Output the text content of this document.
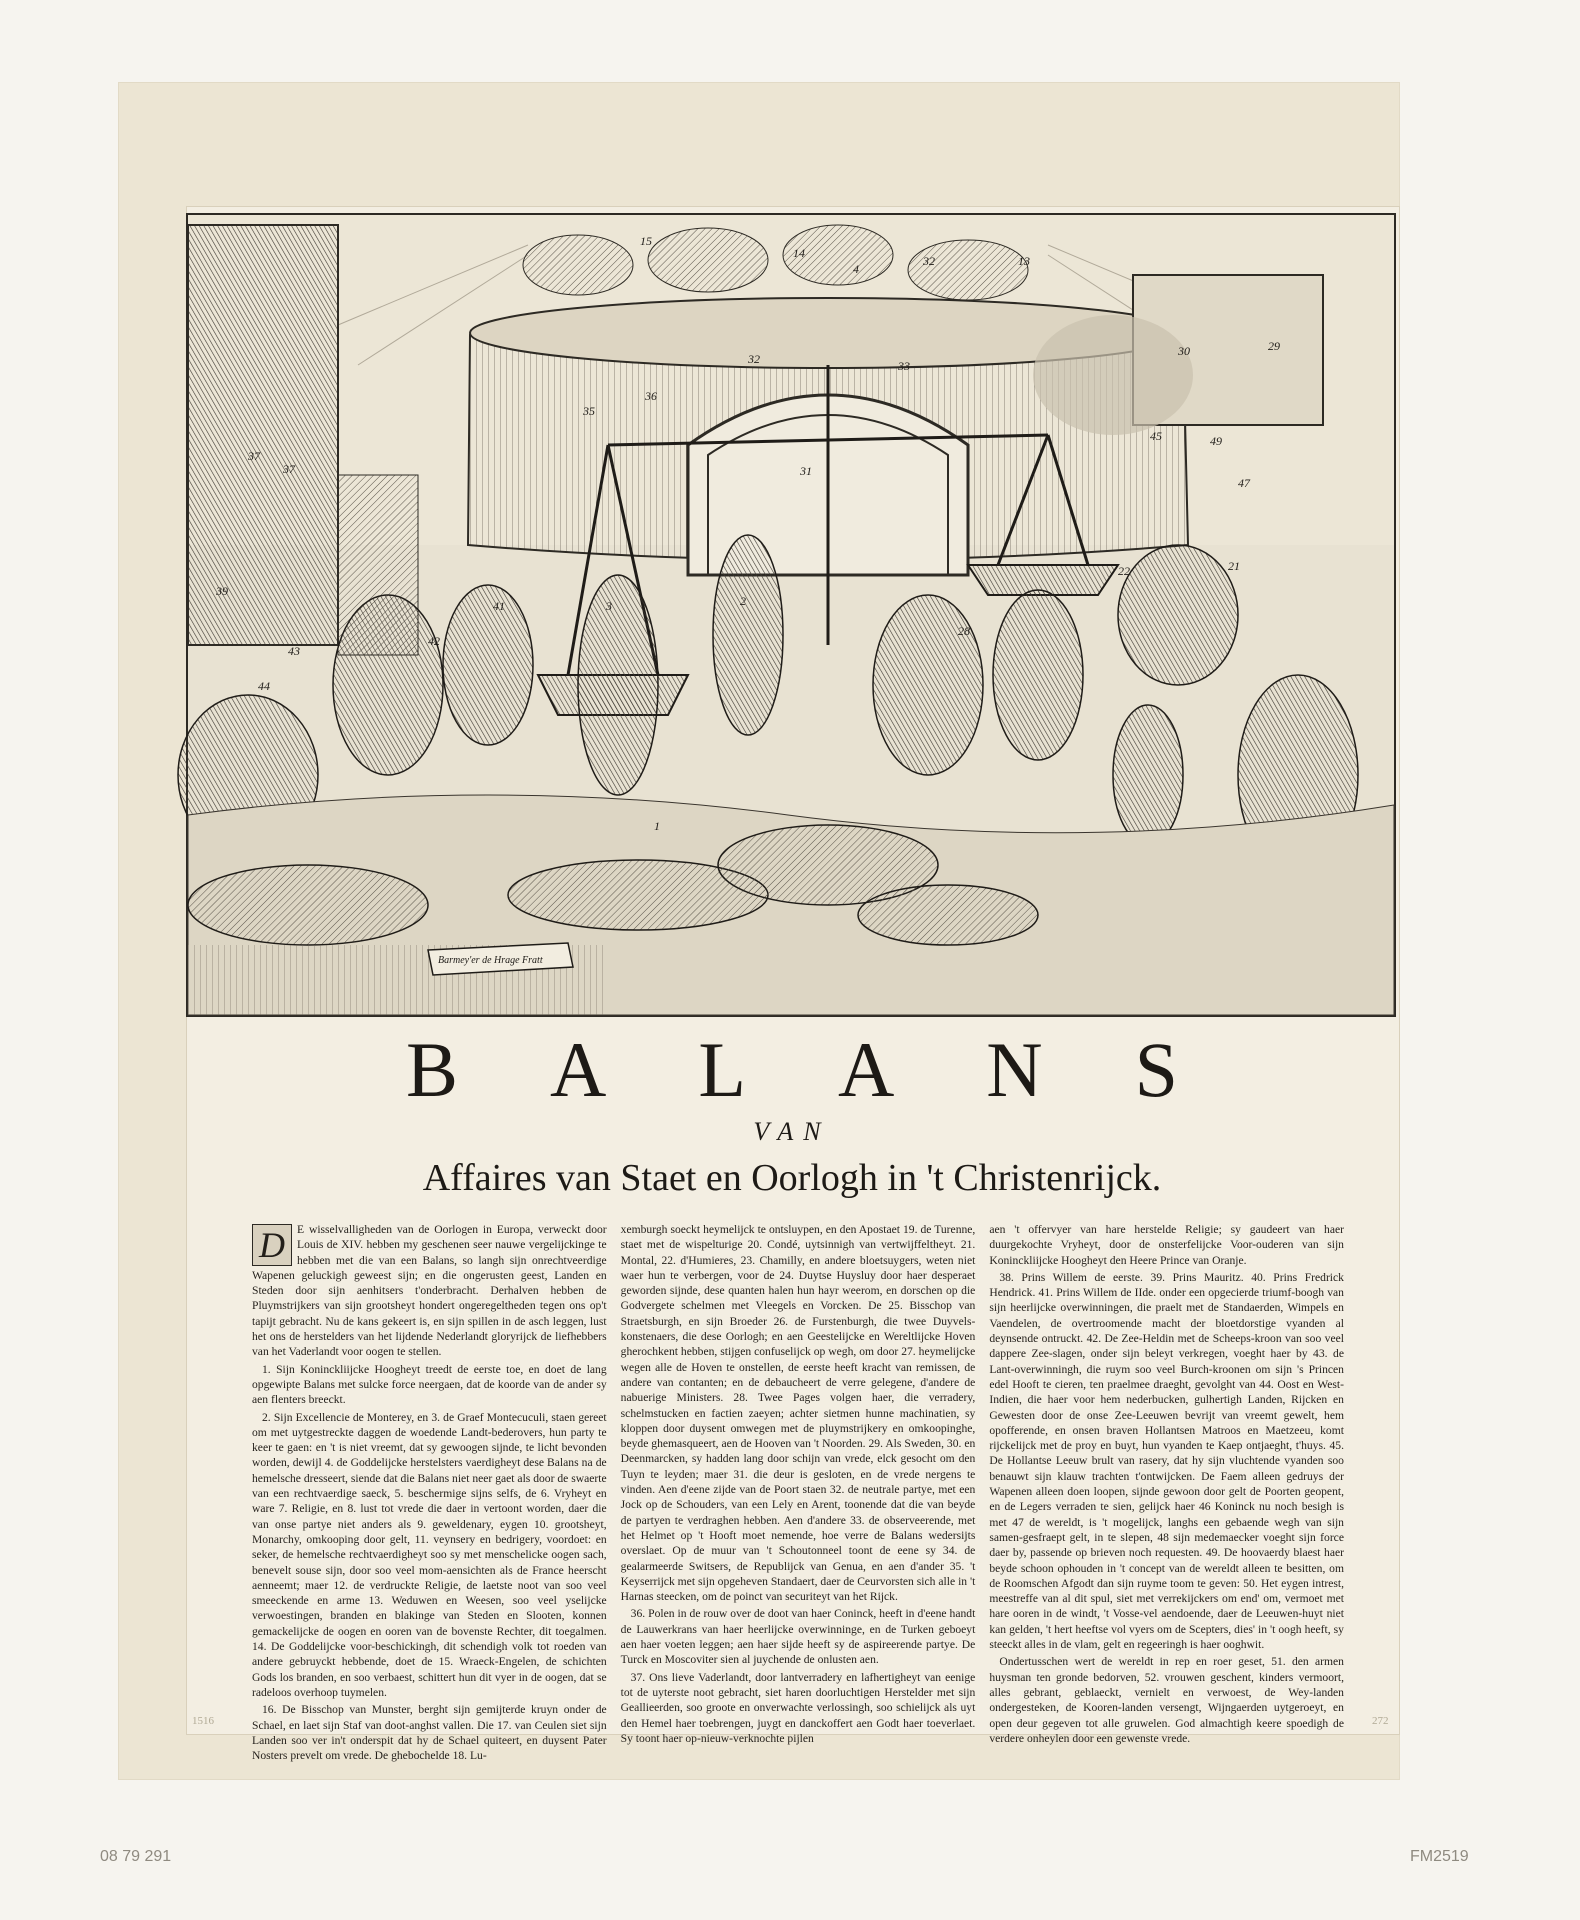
Barmey'er de Hrage Fratt
15
14
4
32	13
30	29
32	33
35
36
37	31
49
45
47
43
44
39
37
2
3
1
28
22	21
41
42
BALANS
VAN
Affaires van Staet en Oorlogh in 't Christenrijck.

D	E wisselvalligheden van de Oorlogen in Europa, verweckt door Louis de XIV. hebben my geschenen seer nauwe vergelijckinge te hebben met die van een Balans, so langh sijn onrechtveerdige Wapenen geluckigh geweest sijn; en die ongerusten geest, Landen en Steden door sijn aenhitsers t'onderbracht. Derhalven hebben de Pluymstrijkers van sijn grootsheyt hondert ongeregeltheden tegen ons op't tapijt gebracht. Nu de kans gekeert is, en sijn spillen in de asch leggen, lust het ons de herstelders van het lijdende Nederlandt gloryrijck de liefhebbers van het Vaderlandt voor oogen te stellen.

1. Sijn Koninckliijcke Hoogheyt treedt de eerste toe, en doet de lang opgewipte Balans met sulcke force neergaen, dat de koorde van de ander sy aen flenters breeckt.

2. Sijn Excellencie de Monterey, en 3. de Graef Montecuculi, staen gereet om met uytgestreckte daggen de woedende Landt-bederovers, hun party te keer te gaen: en 't is niet vreemt, dat sy gewoogen sijnde, te licht bevonden worden, dewijl 4. de Goddelijcke herstelsters vaerdigheyt dese Balans na de hemelsche dresseert, siende dat die Balans niet neer gaet als door de swaerte van een rechtvaerdige saeck, 5. beschermige sijns selfs, de 6. Vryheyt en ware 7. Religie, en 8. lust tot vrede die daer in vertoont worden, daer die van onse partye niet anders als 9. geweldenary, eygen 10. grootsheyt, Monarchy, omkooping door gelt, 11. veynsery en bedrigery, voordoet: en seker, de hemelsche rechtvaerdigheyt soo sy met menschelicke oogen sach, benevelt souse sijn, door soo veel mom-aensichten als de France heerscht aenneemt; maer 12. de verdruckte Religie, de laetste noot van soo veel smeeckende en arme 13. Weduwen en Weesen, soo veel yselijcke verwoestingen, branden en blakinge van Steden en Slooten, konnen gemackelijcke de oogen en ooren van de bovenste Rechter, dit toegalmen. 14. De Goddelijcke voor-beschickingh, dit schendigh volk tot roeden van andere gebruyckt hebbende, doet de 15. Wraeck-Engelen, de schichten Gods los branden, en soo verbaest, schittert hun dit vyer in de oogen, dat se radeloos overhoop tuymelen.

16. De Bisschop van Munster, berght sijn gemijterde kruyn onder de Schael, en laet sijn Staf van doot-anghst vallen. Die 17. van Ceulen siet sijn Landen soo ver in't onderspit dat hy de Schael quiteert, en duysent Pater Nosters prevelt om vrede. De ghebochelde 18. Lu-

xemburgh soeckt heymelijck te ontsluypen, en den Apostaet 19. de Turenne, staet met de wispelturige 20. Condé, uytsinnigh van vertwijffeltheyt. 21. Montal, 22. d'Humieres, 23. Chamilly, en andere bloetsuygers, weten niet waer hun te verbergen, voor de 24. Duytse Huysluy door haer desperaet geworden sijnde, dese quanten halen hun hayr weerom, en dorschen op die Godvergete schelmen met Vleegels en Vorcken. De 25. Bisschop van Straetsburgh, en sijn Broeder 26. de Furstenburgh, die twee Duyvels-konstenaers, die dese Oorlogh; en aen Geestelijcke en Wereltlijcke Hoven gherochkent hebben, stijgen confuselijck op wegh, om door 27. heymelijcke wegen alle de Hoven te onstellen, de eerste heeft kracht van remissen, de andere van contanten; en de debaucheert de verre gelegene, d'andere de nabuerige Ministers. 28. Twee Pages volgen haer, die verradery, schelmstucken en factien zaeyen; achter sietmen hunne machinatien, sy kloppen door duysent omwegen met de pluymstrijkery en omkoopinghe, beyde ghemasqueert, aen de Hooven van 't Noorden. 29. Als Sweden, 30. en Deenmarcken, sy hadden lang door schijn van vrede, elck gesocht om den Tuyn te leyden; maer 31. die deur is gesloten, en de vrede nergens te vinden. Aen d'eene zijde van de Poort staen 32. de neutrale partye, met een Jock op de Schouders, van een Lely en Arent, toonende dat die van beyde de partyen te verdraghen hebben. Aen d'andere 33. de observeerende, met het Helmet op 't Hooft moet nemende, hoe verre de Balans wedersijts overslaet. Op de muur van 't Schoutonneel toont de eene sy 34. de gealarmeerde Switsers, de Republijck van Genua, en aen d'ander 35. 't Keyserrijck met sijn opgeheven Standaert, daer de Ceurvorsten sich alle in 't Harnas steecken, om de poinct van securiteyt van het Rijck.

36. Polen in de rouw over de doot van haer Coninck, heeft in d'eene handt de Lauwerkrans van haer heerlijcke overwinninge, en de Turken geboeyt aen haer voeten leggen; aen haer sijde heeft sy de aspireerende partye. De Turck en Moscoviter sien al juychende de onlusten aen.

37. Ons lieve Vaderlandt, door lantverradery en lafhertigheyt van eenige tot de uyterste noot gebracht, siet haren doorluchtigen Herstelder met sijn Geallieerden, soo groote en onverwachte verlossingh, soo schielijck als uyt den Hemel haer toebrengen, juygt en danckoffert aen Godt haer toeverlaet. Sy toont haer op-nieuw-verknochte pijlen

aen 't offervyer van hare herstelde Religie; sy gaudeert van haer duurgekochte Vryheyt, door de onsterfelijcke Voor-ouderen van sijn Koninckliijcke Hoogheyt den Heere Prince van Oranje.

38. Prins Willem de eerste. 39. Prins Mauritz. 40. Prins Fredrick Hendrick. 41. Prins Willem de IIde. onder een opgecierde triumf-boogh van sijn heerlijcke overwinningen, die praelt met de Standaerden, Wimpels en Vaendelen, de overtroomende macht der bloetdorstige vyanden al deynsende ontruckt. 42. De Zee-Heldin met de Scheeps-kroon van soo veel dappere Zee-slagen, onder sijn beleyt verkregen, voeght haer by 43. de Lant-overwinningh, die ruym soo veel Burch-kroonen om sijn 's Princen edel Hooft te cieren, ten praelmee draeght, gevolght van 44. Oost en West-Indien, die haer voor hem nederbucken, gulhertigh Landen, Rijcken en Gewesten door de onse Zee-Leeuwen bevrijt van vreemt gewelt, hem opofferende, en onsen braven Hollantsen Matroos en Maetzeeu, komt rijckelijck met de proy en buyt, hun vyanden te Kaep ontjaeght, t'huys. 45. De Hollantse Leeuw brult van rasery, dat hy sijn vluchtende vyanden soo benauwt sijn klauw trachten t'ontwijcken. De Faem alleen gedruys der Wapenen alleen doen loopen, sijnde gewoon door gelt de Poorten geopent, en de Legers verraden te sien, gelijck haer 46 Koninck nu noch besigh is met 47 de wereldt, is 't mogelijck, langhs een gebaende wegh van sijn samen-gesfraept gelt, in te slepen, 48 sijn medemaecker voeght sijn force daer by, passende op brieven noch requesten. 49. De hoovaerdy blaest haer beyde schoon ophouden in 't concept van de wereldt alleen te besitten, om de Roomschen Afgodt dan sijn ruyme toom te geven: 50. Het eygen intrest, meestreffe van al dit spul, siet met verrekijckers om end' om, vermoet met hare ooren in de windt, 't Vosse-vel aendoende, daer de Leeuwen-huyt niet kan gelden, 't hert heeftse vol vyers om de Scepters, dies' in 't oogh heeft, sy steeckt alles in de vlam, gelt en regeeringh is haer ooghwit.

Ondertusschen wert de wereldt in rep en roer geset, 51. den armen huysman ten gronde bedorven, 52. vrouwen geschent, kinders vermoort, alles gebrant, geblaeckt, vernielt en verwoest, de Wey-landen ondergesteken, de Kooren-landen versengt, Wijngaerden uytgeroeyt, en open deur gegeven tot alle gruwelen. God almachtigh keere spoedigh de verdere onheylen door een gewenste vrede.

1516	272
08 79 291	FM2519
